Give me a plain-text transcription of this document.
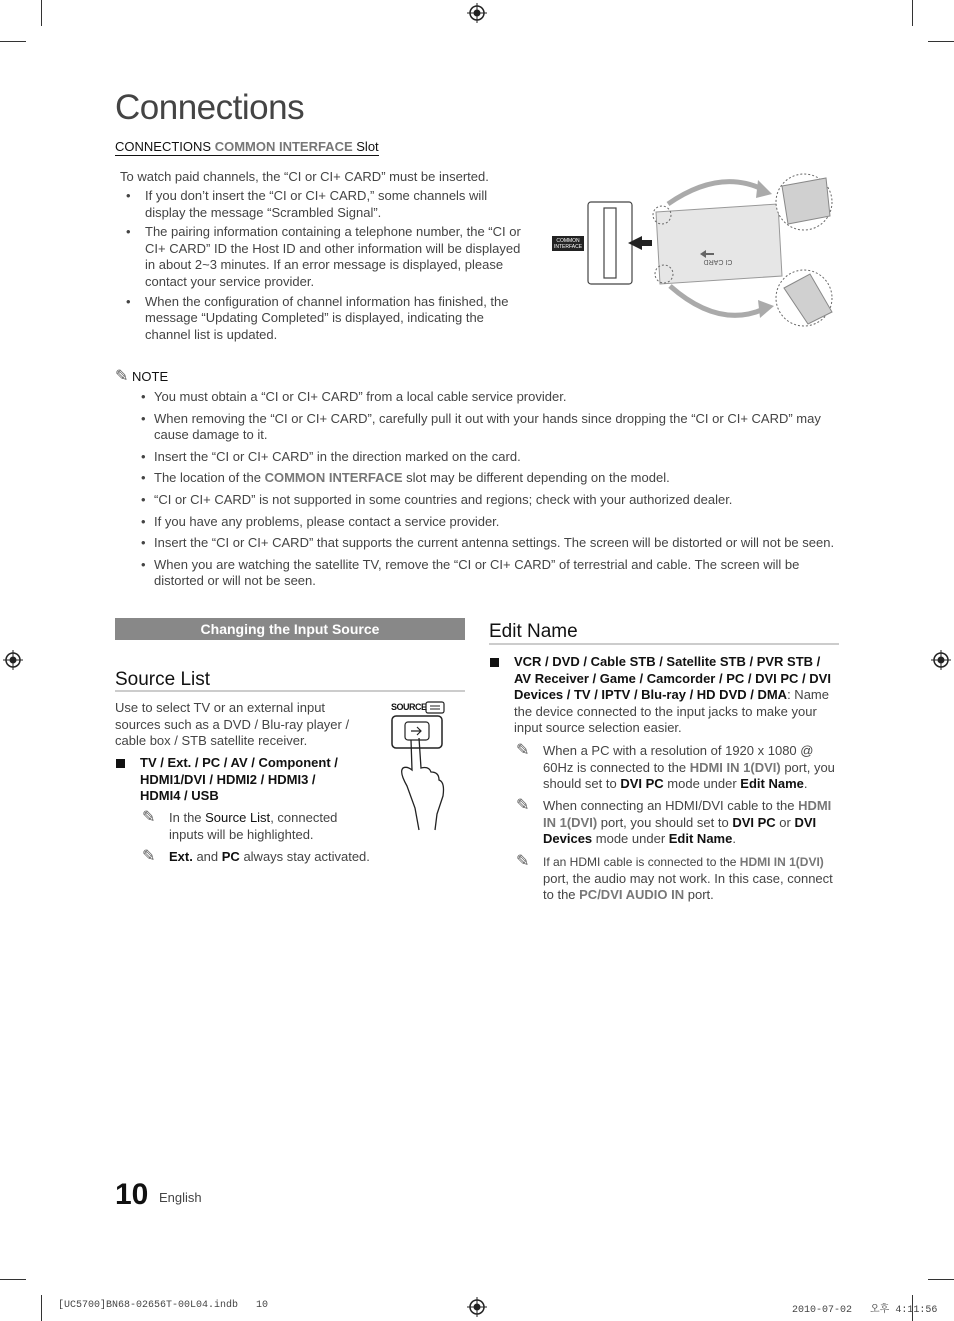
Connections
CONNECTIONS COMMON INTERFACE Slot
To watch paid channels, the “CI or CI+ CARD” must be inserted.
• If you don’t insert the “CI or CI+ CARD,” some channels will display the message “Scrambled Signal”.
• The pairing information containing a telephone number, the “CI or CI+ CARD” ID the Host ID and other information will be displayed in about 2~3 minutes. If an error message is displayed, please contact your service provider.
• When the configuration of channel information has finished, the message “Updating Completed” is displayed, indicating the channel list is updated.
COMMON
INTERFACE
CI CARD
✎ NOTE
• You must obtain a “CI or CI+ CARD” from a local cable service provider.
• When removing the “CI or CI+ CARD”, carefully pull it out with your hands since dropping the “CI or CI+ CARD” may cause damage to it.
• Insert the “CI or CI+ CARD” in the direction marked on the card.
• The location of the COMMON INTERFACE slot may be different depending on the model.
• “CI or CI+ CARD” is not supported in some countries and regions; check with your authorized dealer.
• If you have any problems, please contact a service provider.
• Insert the “CI or CI+ CARD” that supports the current antenna settings. The screen will be distorted or will not be seen.
• When you are watching the satellite TV, remove the “CI or CI+ CARD” of terrestrial and cable. The screen will be distorted or will not be seen.
Changing the Input Source
Source List
Use to select TV or an external input sources such as a DVD / Blu-ray player / cable box / STB satellite receiver.
TV / Ext. / PC / AV / Component / HDMI1/DVI / HDMI2 / HDMI3 / HDMI4 / USB
✎ In the Source List, connected inputs will be highlighted.
✎ Ext. and PC always stay activated.
SOURCE
Edit Name
VCR / DVD / Cable STB / Satellite STB / PVR STB / AV Receiver / Game / Camcorder / PC / DVI PC / DVI Devices / TV / IPTV / Blu-ray / HD DVD / DMA: Name the device connected to the input jacks to make your input source selection easier.
✎ When a PC with a resolution of 1920 x 1080 @ 60Hz is connected to the HDMI IN 1(DVI) port, you should set to DVI PC mode under Edit Name.
✎ When connecting an HDMI/DVI cable to the HDMI IN 1(DVI) port, you should set to DVI PC or DVI Devices mode under Edit Name.
✎ If an HDMI cable is connected to the HDMI IN 1(DVI) port, the audio may not work. In this case, connect to the PC/DVI AUDIO IN port.
10 English
[UC5700]BN68-02656T-00L04.indb   10	2010-07-02   오후 4:11:56
